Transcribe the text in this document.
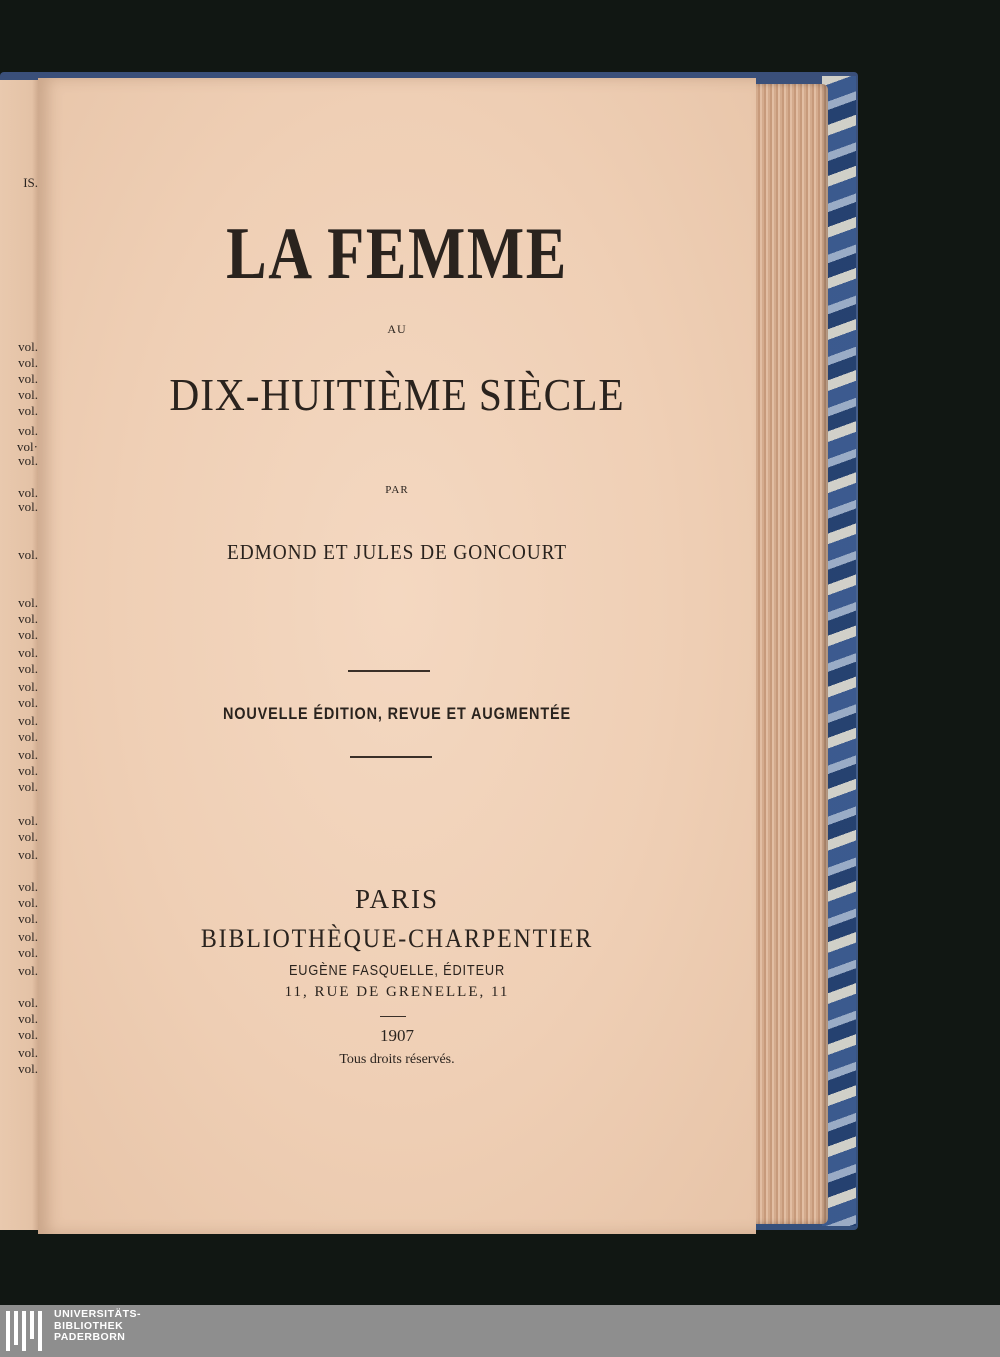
IS.
vol.
vol.
vol.
vol.
vol.
vol.
vol·
vol.
vol.
vol.
vol.
vol.
vol.
vol.
vol.
vol.
vol.
vol.
vol.
vol.
vol.
vol.
vol.
vol.
vol.
vol.
vol.
vol.
vol.
vol.
vol.
vol.
vol.
vol.
vol.
vol.
vol.
LA FEMME
AU
DIX-HUITIÈME SIÈCLE
PAR
EDMOND ET JULES DE GONCOURT
NOUVELLE ÉDITION, REVUE ET AUGMENTÉE
PARIS
BIBLIOTHÈQUE-CHARPENTIER
EUGÈNE FASQUELLE, ÉDITEUR
11, RUE DE GRENELLE, 11
1907
Tous droits réservés.
UNIVERSITÄTS-
BIBLIOTHEK
PADERBORN
